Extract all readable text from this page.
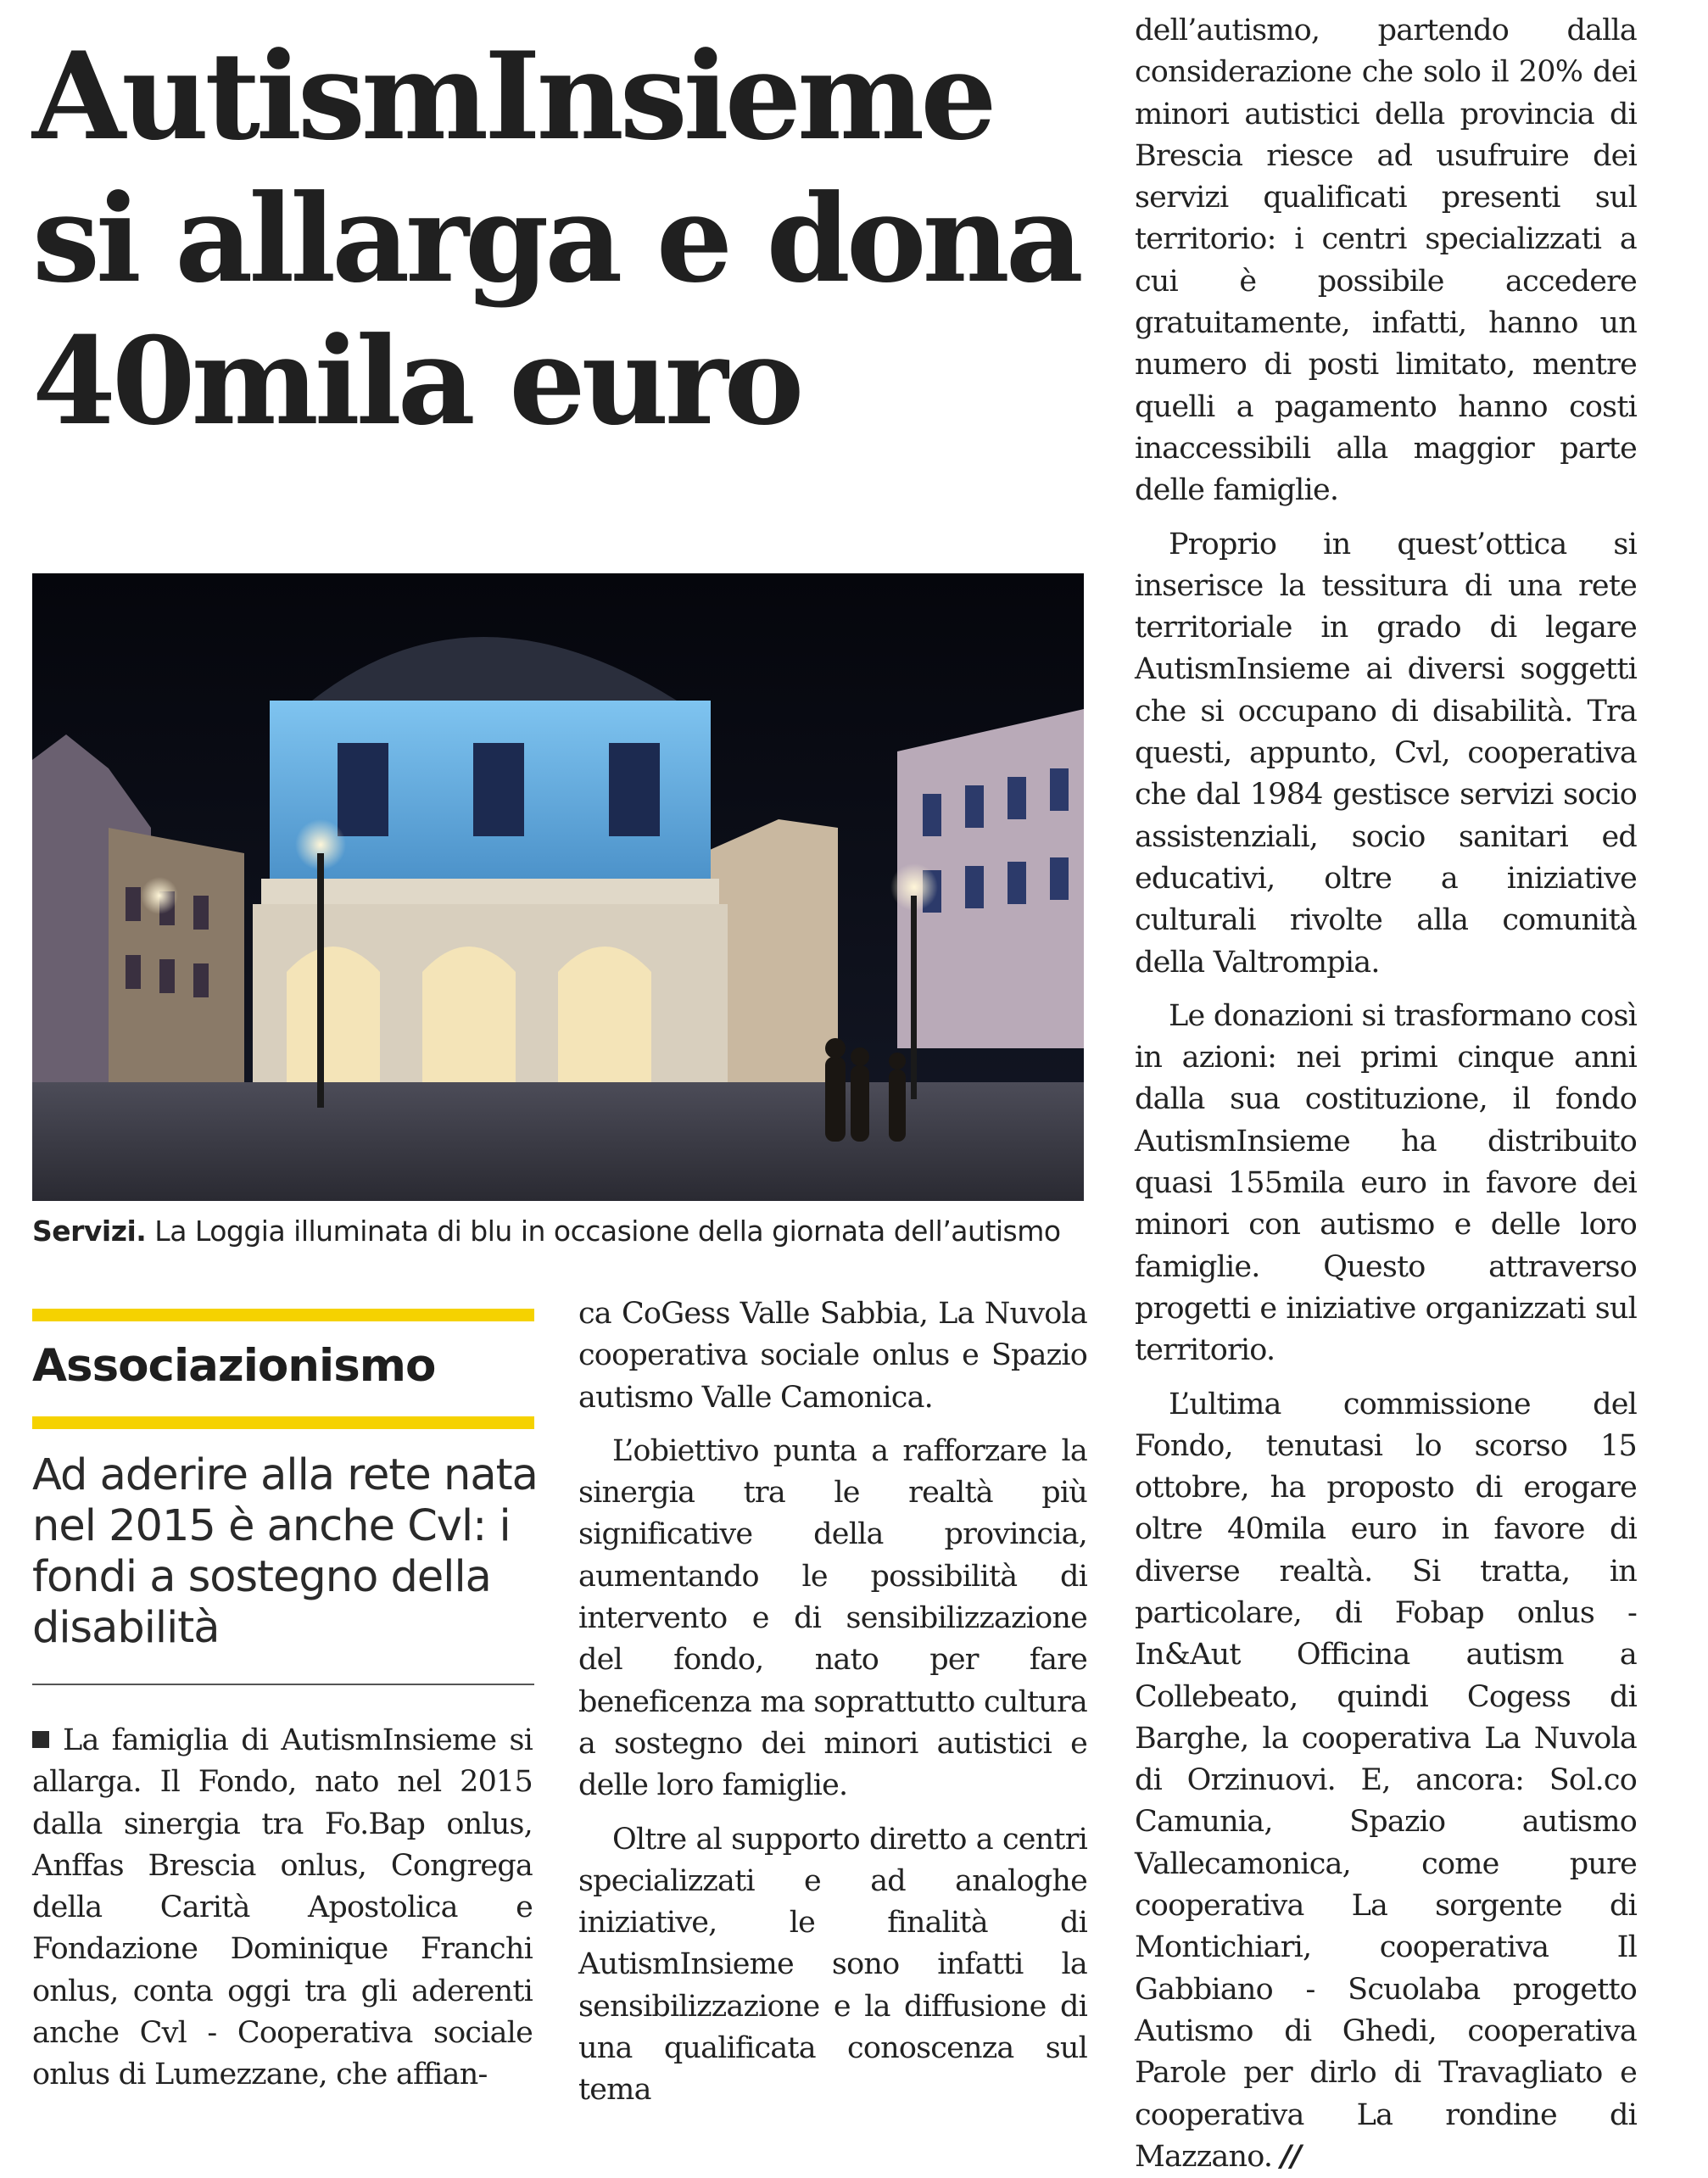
AutismInsieme
si allarga e dona
40mila euro
Servizi. La Loggia illuminata di blu in occasione della giornata dell’autismo
Associazionismo
Ad aderire alla rete nata nel 2015 è anche Cvl: i fondi a sostegno della disabilità

La famiglia di AutismInsieme si allarga. Il Fondo, nato nel 2015 dalla sinergia tra Fo.Bap onlus, Anffas Brescia onlus, Congrega della Carità Apostolica e Fondazione Dominique Franchi onlus, conta oggi tra gli aderenti anche Cvl - Cooperativa sociale onlus di Lumezzane, che affian-

ca CoGess Valle Sabbia, La Nuvola cooperativa sociale onlus e Spazio autismo Valle Camonica.

L’obiettivo punta a rafforzare la sinergia tra le realtà più significative della provincia, aumentando le possibilità di intervento e di sensibilizzazione del fondo, nato per fare beneficenza ma soprattutto cultura a sostegno dei minori autistici e delle loro famiglie.

Oltre al supporto diretto a centri specializzati e ad analoghe iniziative, le finalità di AutismInsieme sono infatti la sensibilizzazione e la diffusione di una qualificata conoscenza sul tema

dell’autismo, partendo dalla considerazione che solo il 20% dei minori autistici della provincia di Brescia riesce ad usufruire dei servizi qualificati presenti sul territorio: i centri specializzati a cui è possibile accedere gratuitamente, infatti, hanno un numero di posti limitato, mentre quelli a pagamento hanno costi inaccessibili alla maggior parte delle famiglie.

Proprio in quest’ottica si inserisce la tessitura di una rete territoriale in grado di legare AutismInsieme ai diversi soggetti che si occupano di disabilità. Tra questi, appunto, Cvl, cooperativa che dal 1984 gestisce servizi socio assistenziali, socio sanitari ed educativi, oltre a iniziative culturali rivolte alla comunità della Valtrompia.

Le donazioni si trasformano così in azioni: nei primi cinque anni dalla sua costituzione, il fondo AutismInsieme ha distribuito quasi 155mila euro in favore dei minori con autismo e delle loro famiglie. Questo attraverso progetti e iniziative organizzati sul territorio.

L’ultima commissione del Fondo, tenutasi lo scorso 15 ottobre, ha proposto di erogare oltre 40mila euro in favore di diverse realtà. Si tratta, in particolare, di Fobap onlus - In&Aut Officina autism a Collebeato, quindi Cogess di Barghe, la cooperativa La Nuvola di Orzinuovi. E, ancora: Sol.co Camunia, Spazio autismo Vallecamonica, come pure cooperativa La sorgente di Montichiari, cooperativa Il Gabbiano - Scuolaba progetto Autismo di Ghedi, cooperativa Parole per dirlo di Travagliato e cooperativa La rondine di Mazzano. //
